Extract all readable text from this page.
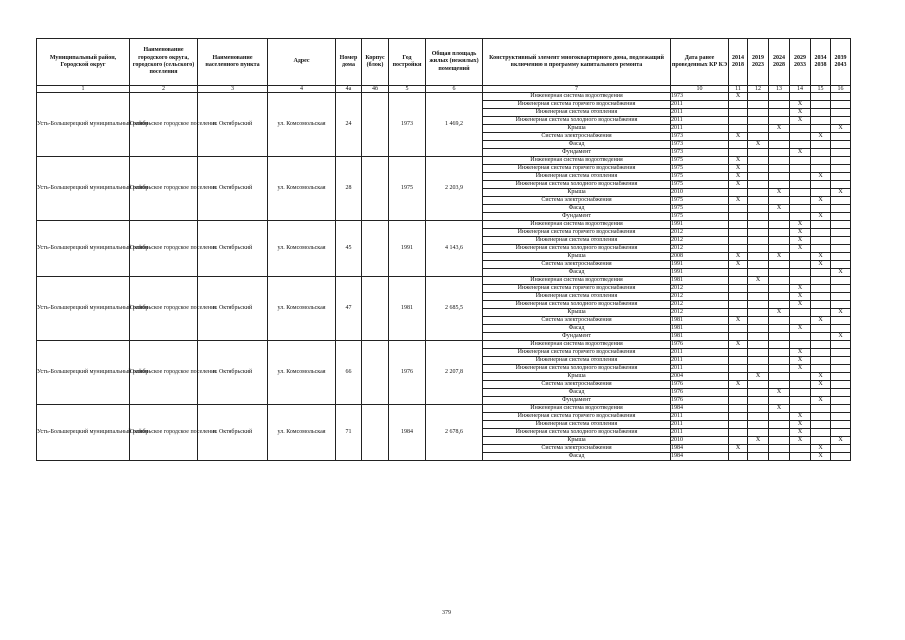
Муниципальный район, Городской округ	Наименование городского округа, городского (сельского) поселения	Наименование населенного пункта	Адрес	Номер дома	Корпус (блок)	Год постройки	Общая площадь жилых (нежилых) помещений	Конструктивный элемент многоквартирного дома, подлежащий включению в программу капитального ремонта	Дата ранее проведенных КР КЭ	2014 2018	2019 2023	2024 2028	2029 2033	2034 2038	2039 2043
1	2	3	4	4а	4б	5	6	7	10	11	12	13	14	15	16
Усть-Большерецкий муниципальный район	Октябрьское городское поселение	п. Октябрьский	ул. Комсомольская	24		1973	1 469,2	Инженерная система водоотведения	1973	X					
								Инженерная система горячего водоснабжения	2011				X		
								Инженерная система отопления	2011				X		
								Инженерная система холодного водоснабжения	2011				X		
								Крыша	2011			X			X
								Система электроснабжения	1973	X				X	
								Фасад	1973		X				
								Фундамент	1973				X		
Усть-Большерецкий муниципальный район	Октябрьское городское поселение	п. Октябрьский	ул. Комсомольская	28		1975	2 203,9	Инженерная система водоотведения	1975	X					
								Инженерная система горячего водоснабжения	1975	X					
								Инженерная система отопления	1975	X				X	
								Инженерная система холодного водоснабжения	1975	X					
								Крыша	2010			X			X
								Система электроснабжения	1975	X				X	
								Фасад	1975			X			
								Фундамент	1975					X	
Усть-Большерецкий муниципальный район	Октябрьское городское поселение	п. Октябрьский	ул. Комсомольская	45		1991	4 143,6	Инженерная система водоотведения	1991				X		
								Инженерная система горячего водоснабжения	2012				X		
								Инженерная система отопления	2012				X		
								Инженерная система холодного водоснабжения	2012				X		
								Крыша	2008	X		X		X	
								Система электроснабжения	1991	X				X	
								Фасад	1991						X
Усть-Большерецкий муниципальный район	Октябрьское городское поселение	п. Октябрьский	ул. Комсомольская	47		1981	2 685,5	Инженерная система водоотведения	1981		X				
								Инженерная система горячего водоснабжения	2012				X		
								Инженерная система отопления	2012				X		
								Инженерная система холодного водоснабжения	2012				X		
								Крыша	2012			X			X
								Система электроснабжения	1981	X				X	
								Фасад	1981				X		
								Фундамент	1981						X
Усть-Большерецкий муниципальный район	Октябрьское городское поселение	п. Октябрьский	ул. Комсомольская	66		1976	2 207,8	Инженерная система водоотведения	1976	X					
								Инженерная система горячего водоснабжения	2011				X		
								Инженерная система отопления	2011				X		
								Инженерная система холодного водоснабжения	2011				X		
								Крыша	2004		X			X	
								Система электроснабжения	1976	X				X	
								Фасад	1976			X			
								Фундамент	1976					X	
Усть-Большерецкий муниципальный район	Октябрьское городское поселение	п. Октябрьский	ул. Комсомольская	71		1984	2 678,6	Инженерная система водоотведения	1984			X			
								Инженерная система горячего водоснабжения	2011				X		
								Инженерная система отопления	2011				X		
								Инженерная система холодного водоснабжения	2011				X		
								Крыша	2010		X		X		X
								Система электроснабжения	1984	X				X	
								Фасад	1984					X	
379
